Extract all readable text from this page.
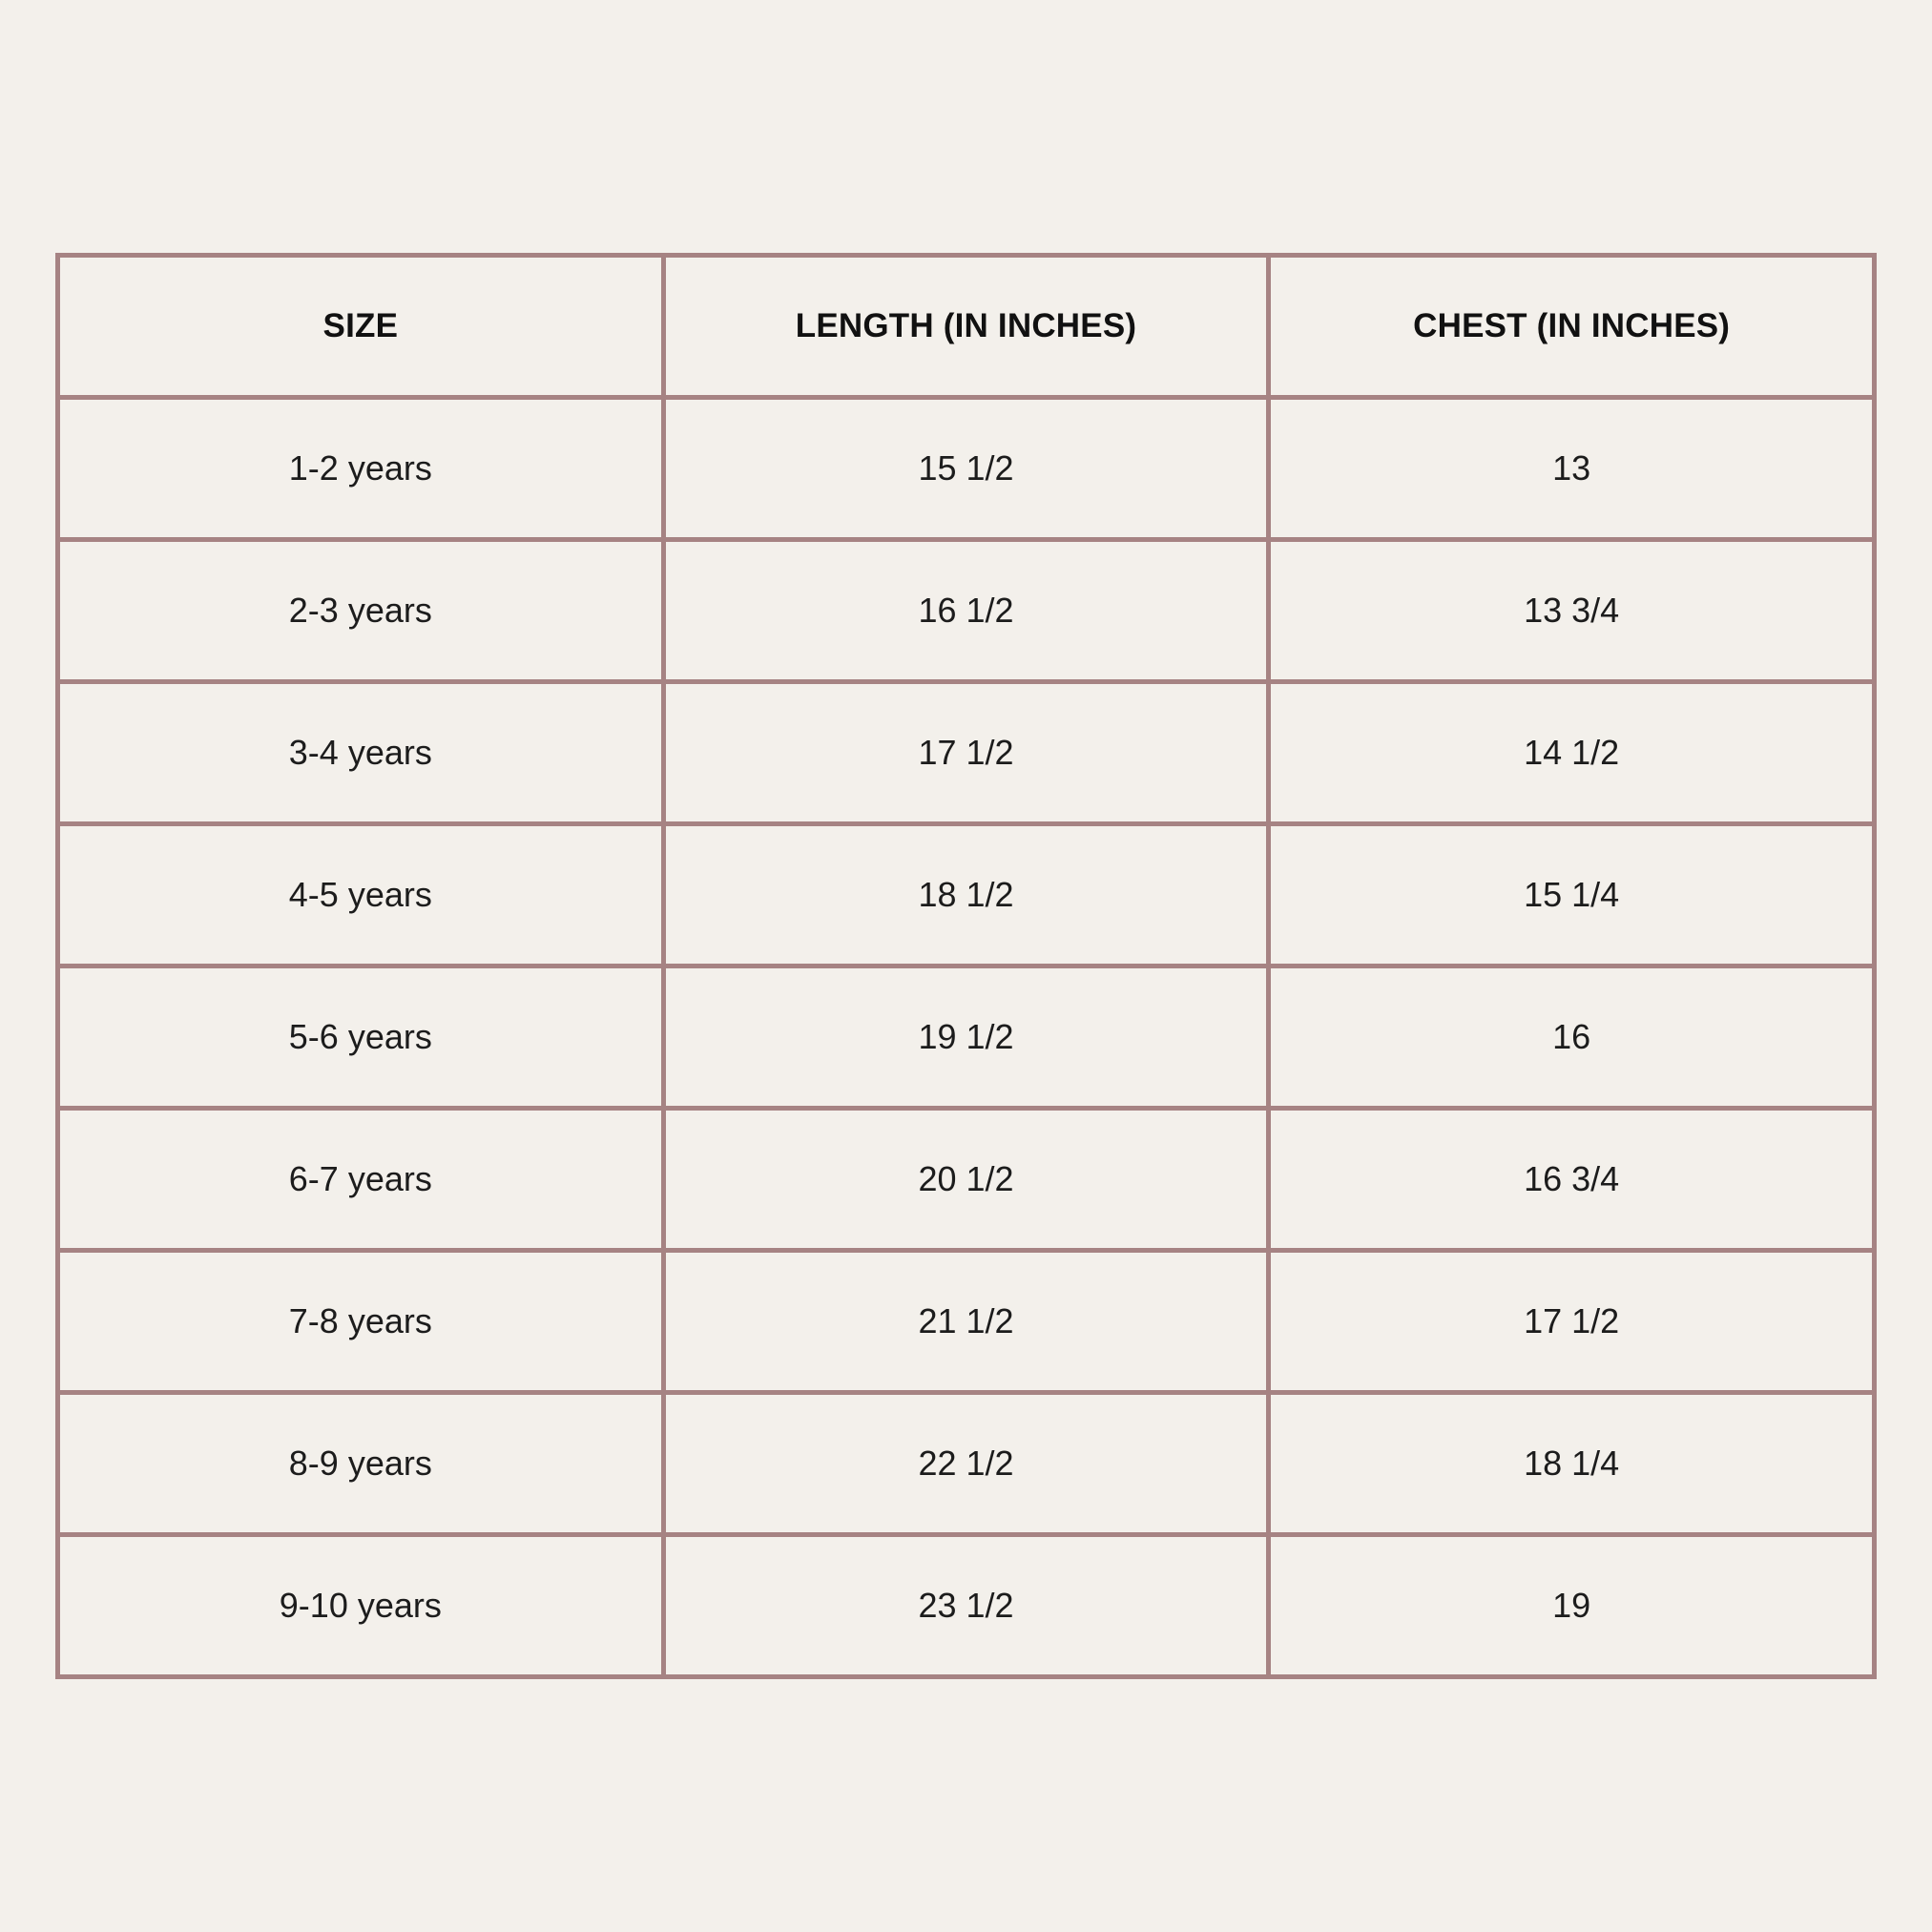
SIZE	LENGTH (IN INCHES)	CHEST (IN INCHES)
1-2 years	15 1/2	13
2-3 years	16 1/2	13 3/4
3-4 years	17 1/2	14 1/2
4-5 years	18 1/2	15 1/4
5-6 years	19 1/2	16
6-7 years	20 1/2	16 3/4
7-8 years	21 1/2	17 1/2
8-9 years	22 1/2	18 1/4
9-10 years	23 1/2	19
